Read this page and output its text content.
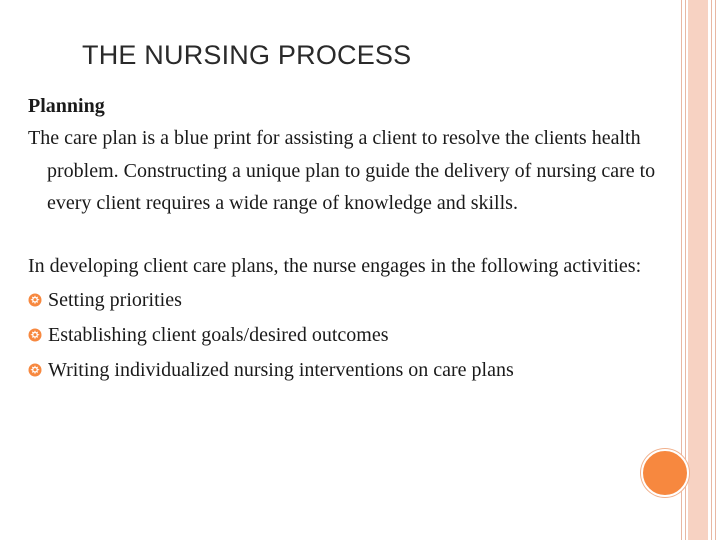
THE NURSING PROCESS

Planning

The care plan is a blue print for assisting a client to resolve the clients health problem. Constructing a unique plan to guide the delivery of nursing care to every client requires a wide range of knowledge and skills.

In developing client care plans, the nurse engages in the following activities:

Setting priorities
Establishing client goals/desired outcomes
Writing individualized nursing interventions on care plans
